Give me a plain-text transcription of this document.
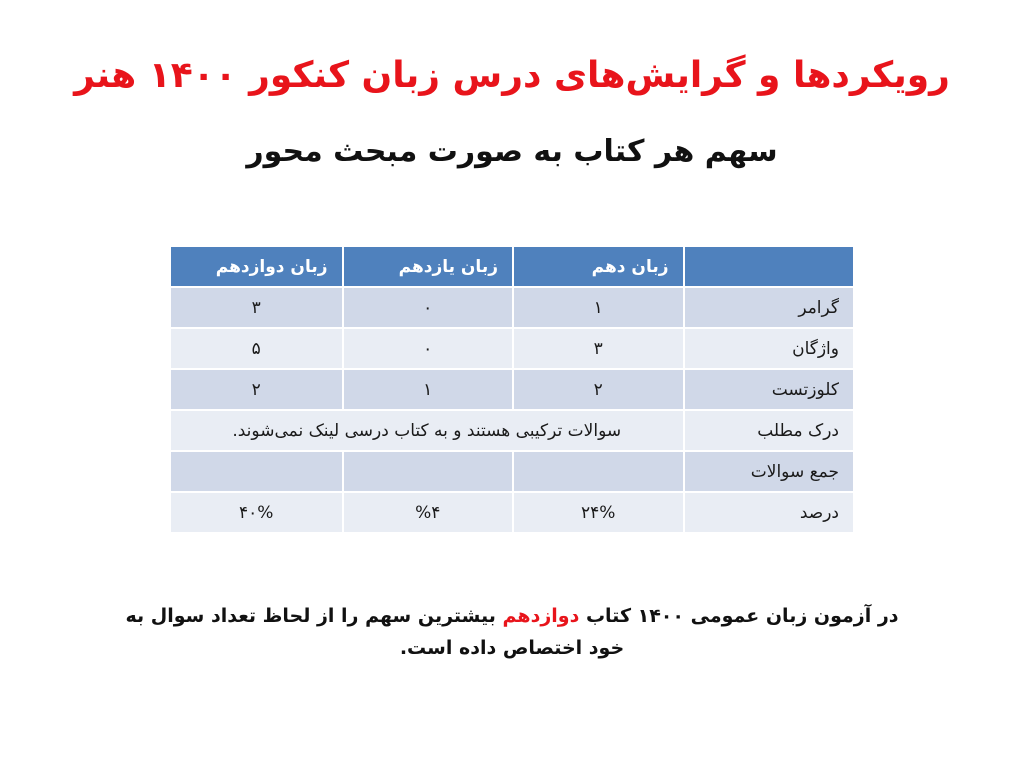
رویکردها و گرایش‌های درس زبان کنکور ۱۴۰۰ هنر
سهم هر کتاب به صورت مبحث محور
	زبان دهم	زبان یازدهم	زبان دوازدهم
گرامر	۱	۰	۳
واژگان	۳	۰	۵
کلوزتست	۲	۱	۲
درک مطلب	سوالات ترکیبی هستند و به کتاب درسی لینک نمی‌شوند.		
جمع سوالات			
درصد	۲۴%	%۴	۴۰%
در آزمون زبان عمومی ۱۴۰۰ کتاب دوازدهم بیشترین سهم را از لحاظ تعداد سوال به خود اختصاص داده است.
